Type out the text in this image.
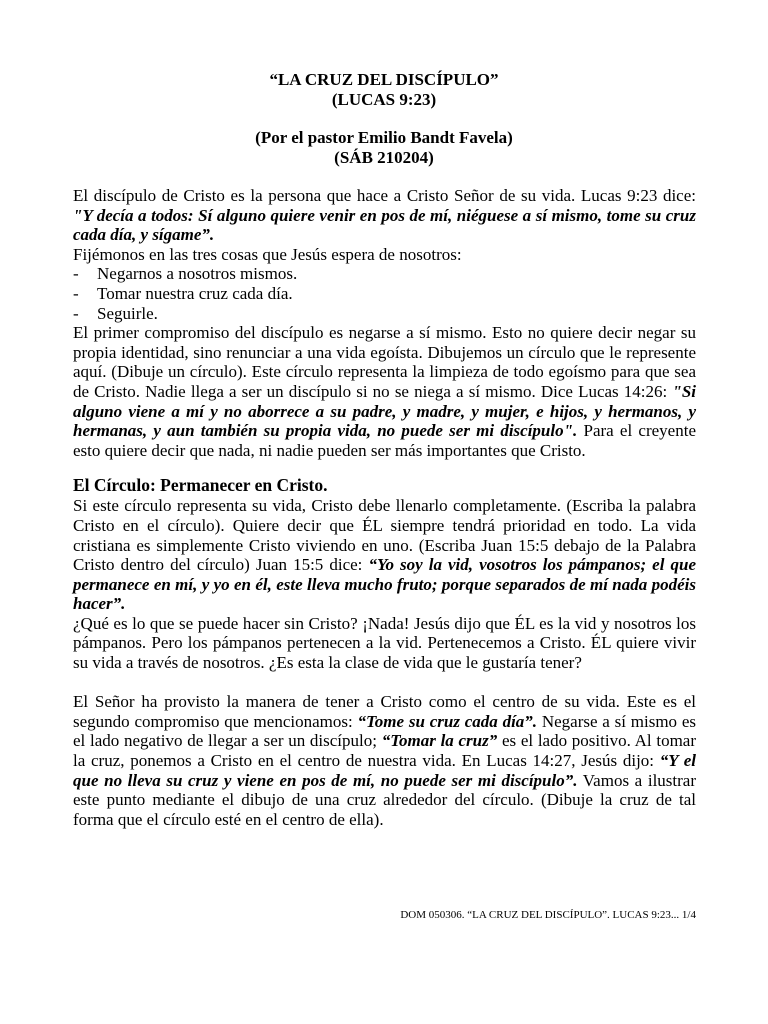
“LA CRUZ DEL DISCÍPULO”
(LUCAS 9:23)
(Por el pastor Emilio Bandt Favela)
(SÁB 210204)

El discípulo de Cristo es la persona que hace a Cristo Señor de su vida. Lucas 9:23 dice: "Y decía a todos: Sí alguno quiere venir en pos de mí, niéguese a sí mismo, tome su cruz cada día, y sígame”.

Fijémonos en las tres cosas que Jesús espera de nosotros:

-	Negarnos a nosotros mismos.
-	Tomar nuestra cruz cada día.
-	Seguirle.

El primer compromiso del discípulo es negarse a sí mismo. Esto no quiere decir negar su propia identidad, sino renunciar a una vida egoísta. Dibujemos un círculo que le represente aquí. (Dibuje un círculo). Este círculo representa la limpieza de todo egoísmo para que sea de Cristo. Nadie llega a ser un discípulo si no se niega a sí mismo. Dice Lucas 14:26: "Si alguno viene a mí y no aborrece a su padre, y madre, y mujer, e hijos, y hermanos, y hermanas, y aun también su propia vida, no puede ser mi discípulo". Para el creyente esto quiere decir que nada, ni nadie pueden ser más importantes que Cristo.

El Círculo: Permanecer en Cristo.

Si este círculo representa su vida, Cristo debe llenarlo completamente. (Escriba la palabra Cristo en el círculo). Quiere decir que ÉL siempre tendrá prioridad en todo. La vida cristiana es simplemente Cristo viviendo en uno. (Escriba Juan 15:5 debajo de la Palabra Cristo dentro del círculo) Juan 15:5 dice: “Yo soy la vid, vosotros los pámpanos; el que permanece en mí, y yo en él, este lleva mucho fruto; porque separados de mí nada podéis hacer”.

¿Qué es lo que se puede hacer sin Cristo? ¡Nada! Jesús dijo que ÉL es la vid y nosotros los pámpanos. Pero los pámpanos pertenecen a la vid. Pertenecemos a Cristo. ÉL quiere vivir su vida a través de nosotros. ¿Es esta la clase de vida que le gustaría tener?

El Señor ha provisto la manera de tener a Cristo como el centro de su vida. Este es el segundo compromiso que mencionamos: “Tome su cruz cada día”. Negarse a sí mismo es el lado negativo de llegar a ser un discípulo; “Tomar la cruz” es el lado positivo. Al tomar la cruz, ponemos a Cristo en el centro de nuestra vida. En Lucas 14:27, Jesús dijo: “Y el que no lleva su cruz y viene en pos de mí, no puede ser mi discípulo”. Vamos a ilustrar este punto mediante el dibujo de una cruz alrededor del círculo. (Dibuje la cruz de tal forma que el círculo esté en el centro de ella).

DOM 050306. “LA CRUZ DEL DISCÍPULO”. LUCAS 9:23... 1/4
